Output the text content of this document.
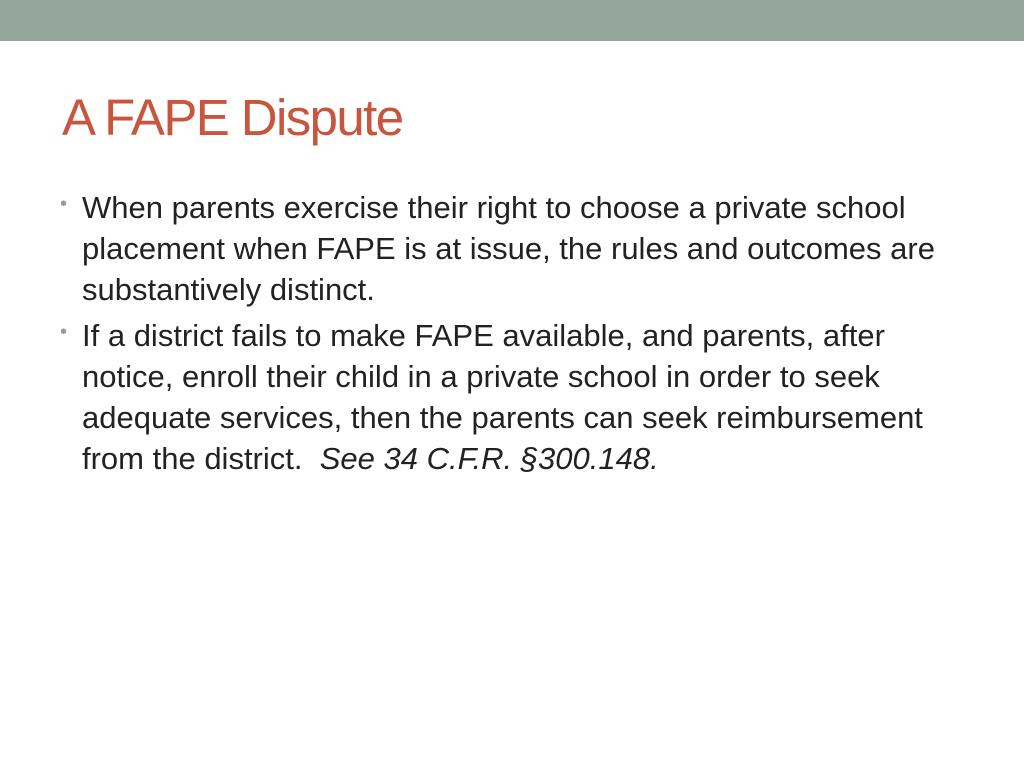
A FAPE Dispute
• When parents exercise their right to choose a private school placement when FAPE is at issue, the rules and outcomes are substantively distinct.
• If a district fails to make FAPE available, and parents, after notice, enroll their child in a private school in order to seek adequate services, then the parents can seek reimbursement from the district.  See 34 C.F.R. §300.148.
